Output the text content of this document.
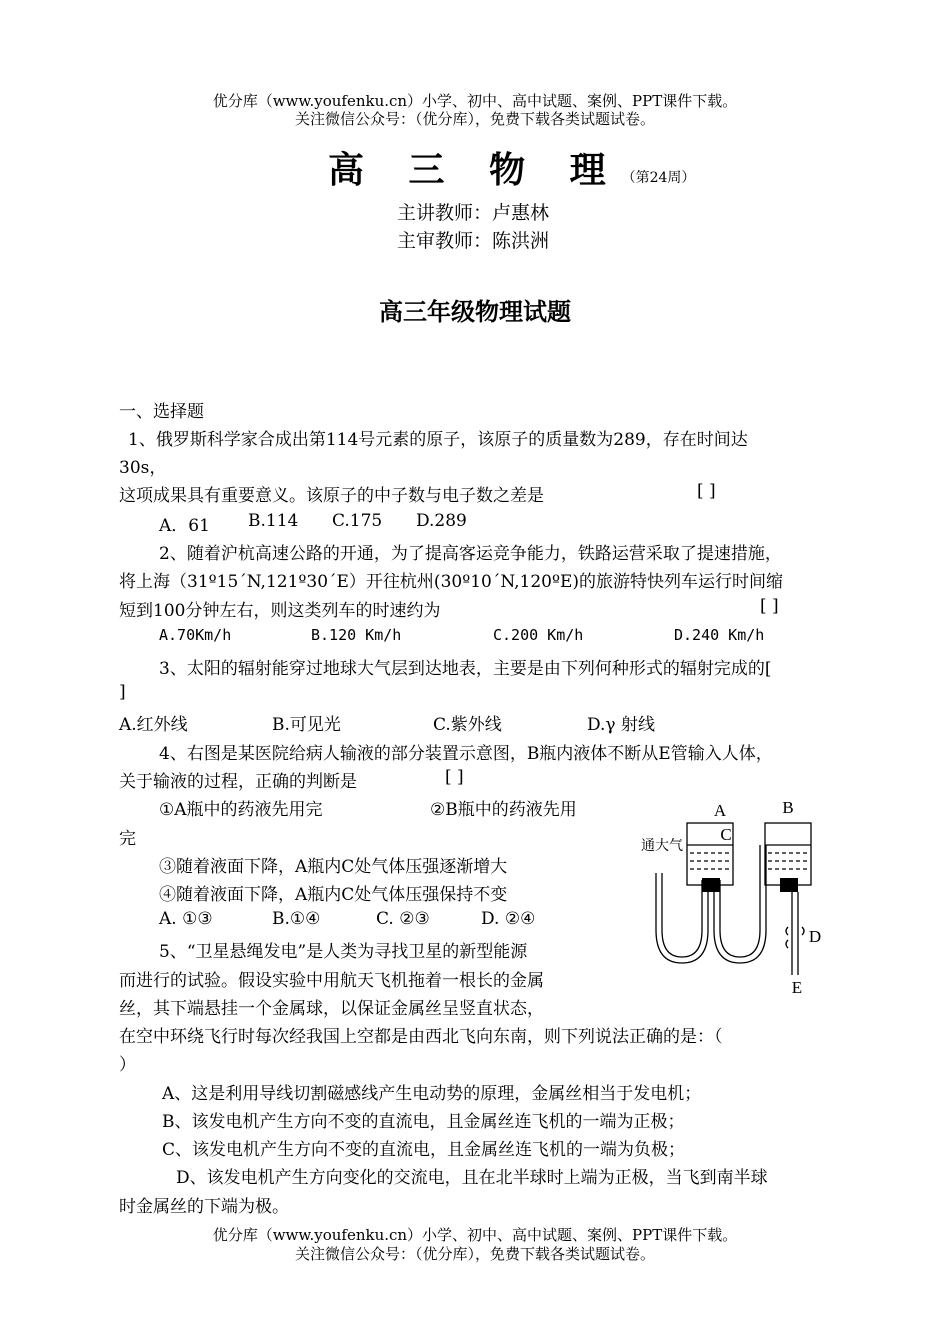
优分库（www.youfenku.cn）小学、初中、高中试题、案例、PPT课件下载。
关注微信公众号：（优分库），免费下载各类试题试卷。
高 三 物 理（第24周）
主讲教师：卢惠林
主审教师：陈洪洲
高三年级物理试题
一、选择题
1、俄罗斯科学家合成出第114号元素的原子，该原子的质量数为289，存在时间达
30s，
这项成果具有重要意义。该原子的中子数与电子数之差是	[ ]
A．61 B.114 C.175 D.289
2、随着沪杭高速公路的开通，为了提高客运竞争能力，铁路运营采取了提速措施，
将上海（31º15´N,121º30´E）开往杭州(30º10´N,120ºE)的旅游特快列车运行时间缩
短到100分钟左右，则这类列车的时速约为	[ ]
A.70Km/h	B.120 Km/h	C.200 Km/h	D.240 Km/h
3、太阳的辐射能穿过地球大气层到达地表，主要是由下列何种形式的辐射完成的[
]
A.红外线	B.可见光	C.紫外线	D.γ 射线
4、右图是某医院给病人输液的部分装置示意图，B瓶内液体不断从E管输入人体，
关于输液的过程，正确的判断是	[ ]
①A瓶中的药液先用完	②B瓶中的药液先用
完
③随着液面下降，A瓶内C处气体压强逐渐增大
④随着液面下降，A瓶内C处气体压强保持不变
A. ①③	B.①④	C. ②③	D. ②④
A	B
C
D
E
通大气
5、“卫星悬绳发电”是人类为寻找卫星的新型能源
而进行的试验。假设实验中用航天飞机拖着一根长的金属
丝，其下端悬挂一个金属球，以保证金属丝呈竖直状态，
在空中环绕飞行时每次经我国上空都是由西北飞向东南，则下列说法正确的是：（
）
A、这是利用导线切割磁感线产生电动势的原理，金属丝相当于发电机；
B、该发电机产生方向不变的直流电，且金属丝连飞机的一端为正极；
C、该发电机产生方向不变的直流电，且金属丝连飞机的一端为负极；
D、该发电机产生方向变化的交流电，且在北半球时上端为正极，当飞到南半球
时金属丝的下端为极。
优分库（www.youfenku.cn）小学、初中、高中试题、案例、PPT课件下载。
关注微信公众号：（优分库），免费下载各类试题试卷。
